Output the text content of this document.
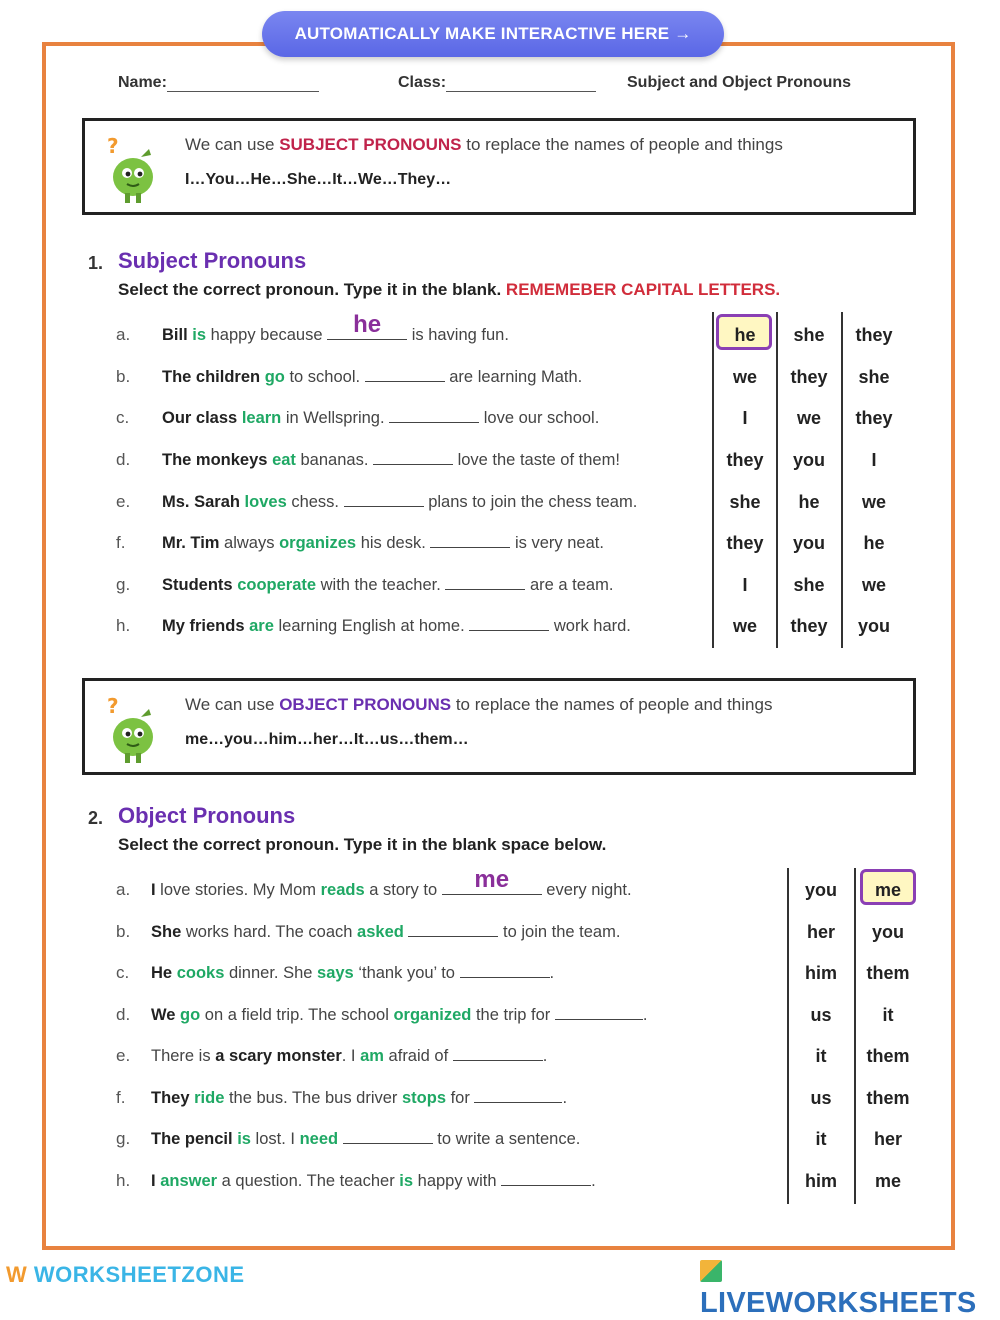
AUTOMATICALLY MAKE INTERACTIVE HERE →
Name:	Class:	Subject and Object Pronouns
?	We can use SUBJECT PRONOUNS to replace the names of people and things
I…You…He…She…It…We…They…
1. Subject Pronouns
Select the correct pronoun. Type it in the blank. REMEMEBER CAPITAL LETTERS.
a. Bill is happy because	he	is having fun.	he	she	they
b. The children go to school.	are learning Math.	we	they	she
c. Our class learn in Wellspring.	love our school.	I	we	they
d. The monkeys eat bananas.	love the taste of them!	they	you	I
e. Ms. Sarah loves chess.	plans to join the chess team.	she	he	we
f. Mr. Tim always organizes his desk.	is very neat.	they	you	he
g. Students cooperate with the teacher.	are a team.	I	she	we
h. My friends are learning English at home.	work hard.	we	they	you
?	We can use OBJECT PRONOUNS to replace the names of people and things
me…you…him…her…It…us…them…
2. Object Pronouns
Select the correct pronoun. Type it in the blank space below.
a. I love stories. My Mom reads a story to	me	every night.	you	me
b. She works hard. The coach asked	to join the team.	her	you
c. He cooks dinner. She says ‘thank you’ to	.	him	them
d. We go on a field trip. The school organized the trip for	.	us	it
e. There is a scary monster. I am afraid of	.	it	them
f. They ride the bus. The bus driver stops for	.	us	them
g. The pencil is lost. I need	to write a sentence.	it	her
h. I answer a question. The teacher is happy with	.	him	me
W WORKSHEETZONE
LIVEWORKSHEETS
